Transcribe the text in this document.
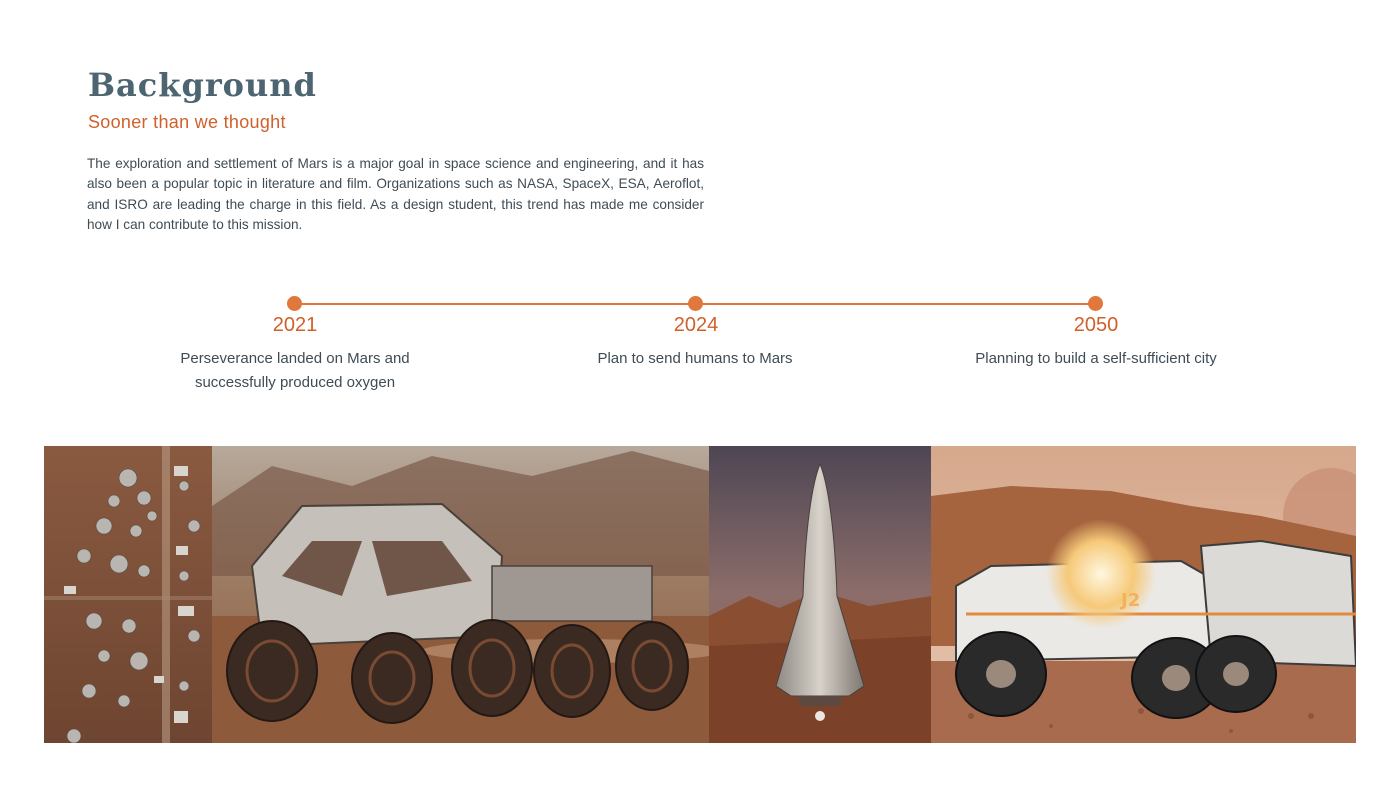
Background
Sooner than we thought

The exploration and settlement of Mars is a major goal in space science and engineering, and it has also been a popular topic in literature and film. Organizations such as NASA, SpaceX, ESA, Aeroflot, and ISRO are leading the charge in this field. As a design student, this trend has made me consider how I can contribute to this mission.

2021	2024	2050
Perseverance landed on Mars and successfully produced oxygen
Plan to send humans to Mars	Planning to build a self-sufficient city
J2
